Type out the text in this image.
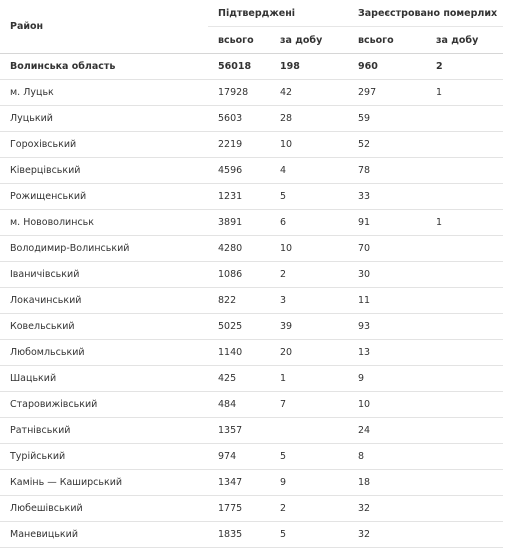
Район	Підтверджені		Зареєстровано померлих	
	всього	за добу	всього	за добу
Волинська область	56018	198	960	2
м. Луцьк	17928	42	297	1
Луцький	5603	28	59	
Горохівський	2219	10	52	
Ківерцівський	4596	4	78	
Рожищенський	1231	5	33	
м. Нововолинськ	3891	6	91	1
Володимир-Волинський	4280	10	70	
Іваничівський	1086	2	30	
Локачинський	822	3	11	
Ковельський	5025	39	93	
Любомльський	1140	20	13	
Шацький	425	1	9	
Старовижівський	484	7	10	
Ратнівський	1357		24	
Турійський	974	5	8	
Камінь — Каширський	1347	9	18	
Любешівський	1775	2	32	
Маневицький	1835	5	32	
